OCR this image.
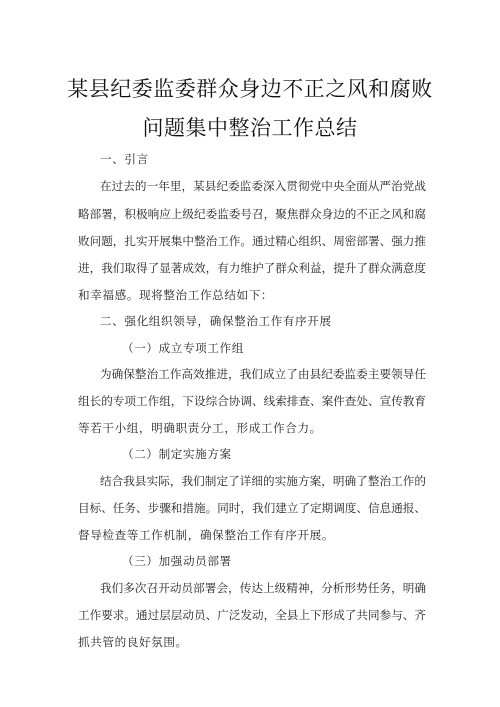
某县纪委监委群众身边不正之风和腐败
问题集中整治工作总结
一、引言
在过去的一年里，某县纪委监委深入贯彻党中央全面从严治党战
略部署，积极响应上级纪委监委号召，聚焦群众身边的不正之风和腐
败问题，扎实开展集中整治工作。通过精心组织、周密部署、强力推
进，我们取得了显著成效，有力维护了群众利益，提升了群众满意度
和幸福感。现将整治工作总结如下：
二、强化组织领导，确保整治工作有序开展
（一）成立专项工作组
为确保整治工作高效推进，我们成立了由县纪委监委主要领导任
组长的专项工作组，下设综合协调、线索排查、案件查处、宣传教育
等若干小组，明确职责分工，形成工作合力。
（二）制定实施方案
结合我县实际，我们制定了详细的实施方案，明确了整治工作的
目标、任务、步骤和措施。同时，我们建立了定期调度、信息通报、
督导检查等工作机制，确保整治工作有序开展。
（三）加强动员部署
我们多次召开动员部署会，传达上级精神，分析形势任务，明确
工作要求。通过层层动员、广泛发动，全县上下形成了共同参与、齐
抓共管的良好氛围。
